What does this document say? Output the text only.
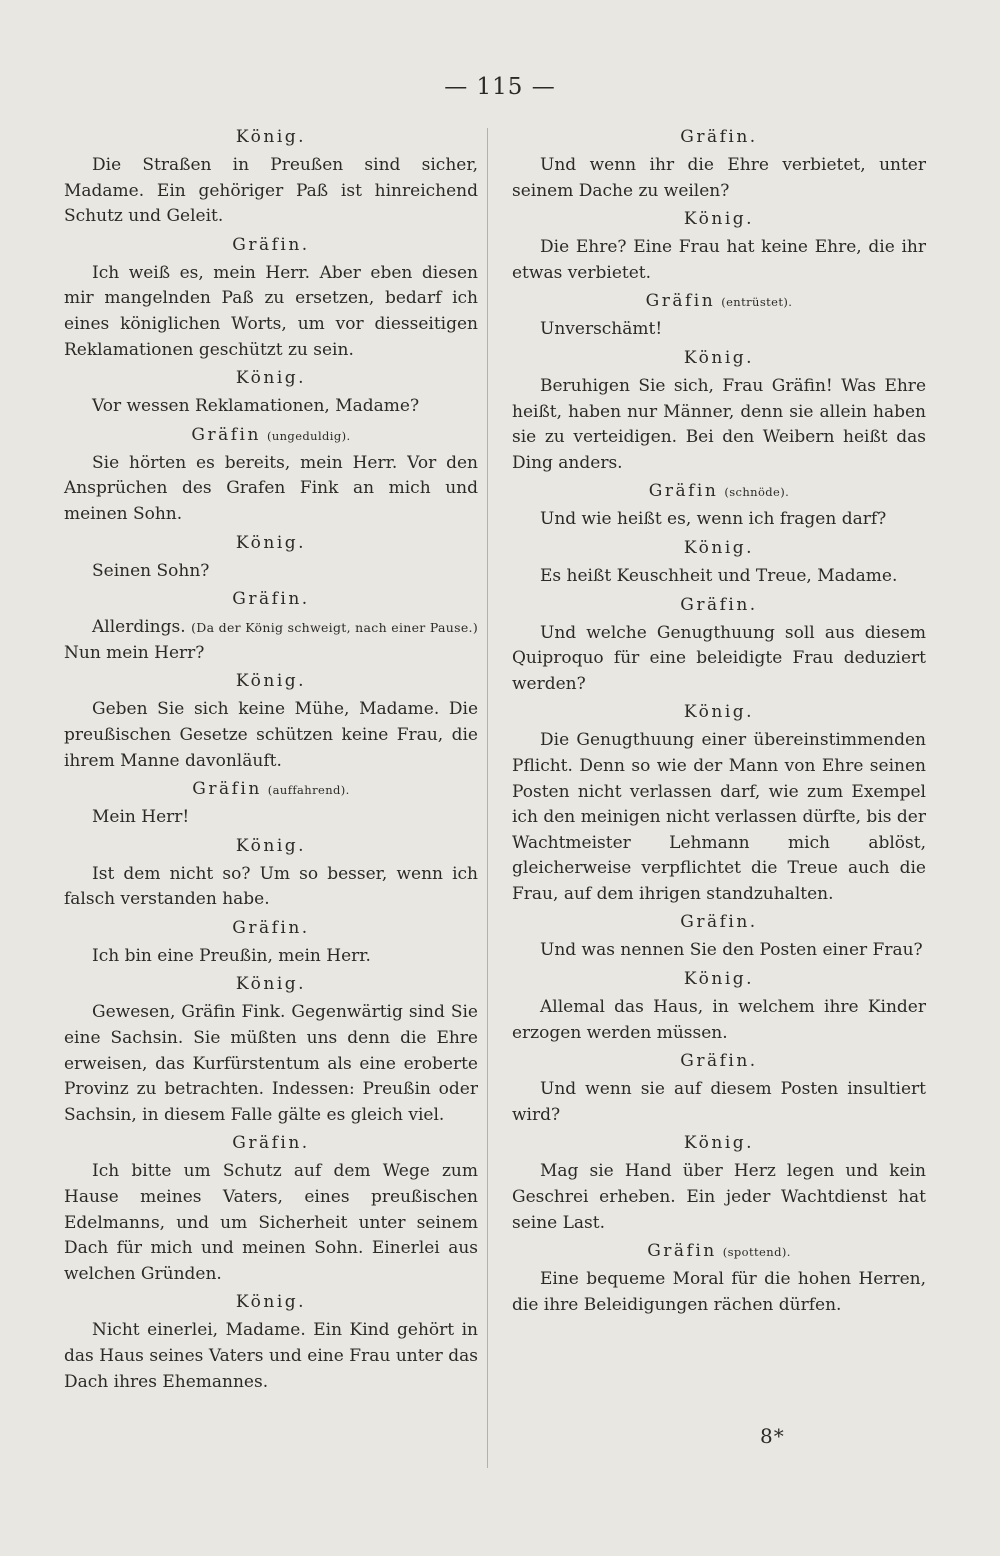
— 115 —
König.
Die Straßen in Preußen sind sicher, Madame. Ein gehöriger Paß ist hinreichend Schutz und Geleit.
Gräfin.
Ich weiß es, mein Herr. Aber eben diesen mir mangelnden Paß zu ersetzen, bedarf ich eines königlichen Worts, um vor diesseitigen Reklamationen geschützt zu sein.
König.
Vor wessen Reklamationen, Madame?
Gräfin (ungeduldig).
Sie hörten es bereits, mein Herr. Vor den Ansprüchen des Grafen Fink an mich und meinen Sohn.
König.
Seinen Sohn?
Gräfin.
Allerdings. (Da der König schweigt, nach einer Pause.) Nun mein Herr?
König.
Geben Sie sich keine Mühe, Madame. Die preußischen Gesetze schützen keine Frau, die ihrem Manne davonläuft.
Gräfin (auffahrend).
Mein Herr!
König.
Ist dem nicht so? Um so besser, wenn ich falsch verstanden habe.
Gräfin.
Ich bin eine Preußin, mein Herr.
König.
Gewesen, Gräfin Fink. Gegenwärtig sind Sie eine Sachsin. Sie müßten uns denn die Ehre erweisen, das Kurfürstentum als eine eroberte Provinz zu betrachten. Indessen: Preußin oder Sachsin, in diesem Falle gälte es gleich viel.
Gräfin.
Ich bitte um Schutz auf dem Wege zum Hause meines Vaters, eines preußischen Edelmanns, und um Sicherheit unter seinem Dach für mich und meinen Sohn. Einerlei aus welchen Gründen.
König.
Nicht einerlei, Madame. Ein Kind gehört in das Haus seines Vaters und eine Frau unter das Dach ihres Ehemannes.
Gräfin.
Und wenn ihr die Ehre verbietet, unter seinem Dache zu weilen?
König.
Die Ehre? Eine Frau hat keine Ehre, die ihr etwas verbietet.
Gräfin (entrüstet).
Unverschämt!
König.
Beruhigen Sie sich, Frau Gräfin! Was Ehre heißt, haben nur Männer, denn sie allein haben sie zu verteidigen. Bei den Weibern heißt das Ding anders.
Gräfin (schnöde).
Und wie heißt es, wenn ich fragen darf?
König.
Es heißt Keuschheit und Treue, Madame.
Gräfin.
Und welche Genugthuung soll aus diesem Quiproquo für eine beleidigte Frau deduziert werden?
König.
Die Genugthuung einer übereinstimmenden Pflicht. Denn so wie der Mann von Ehre seinen Posten nicht verlassen darf, wie zum Exempel ich den meinigen nicht verlassen dürfte, bis der Wachtmeister Lehmann mich ablöst, gleicherweise verpflichtet die Treue auch die Frau, auf dem ihrigen standzuhalten.
Gräfin.
Und was nennen Sie den Posten einer Frau?
König.
Allemal das Haus, in welchem ihre Kinder erzogen werden müssen.
Gräfin.
Und wenn sie auf diesem Posten insultiert wird?
König.
Mag sie Hand über Herz legen und kein Geschrei erheben. Ein jeder Wachtdienst hat seine Last.
Gräfin (spottend).
Eine bequeme Moral für die hohen Herren, die ihre Beleidigungen rächen dürfen.
8*
